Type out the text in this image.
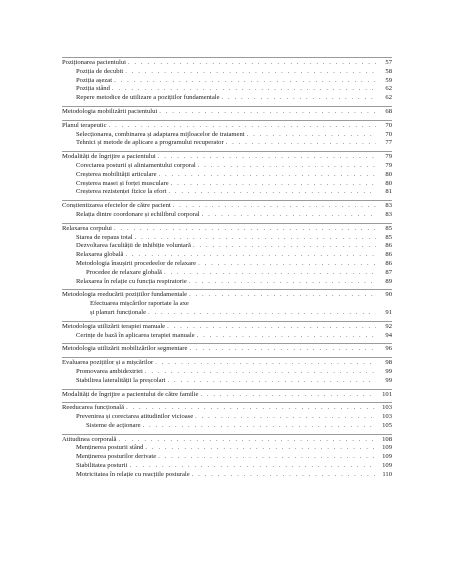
Poziționarea pacientului . . .	57
Poziția de decubit . . .	58
Poziția așezat . . .	59
Poziția stând . . .	62
Repere metodice de utilizare a pozițiilor fundamentale . . .	62
Metodologia mobilizării pacientului . . .	68
Planul terapeutic . . .	70
Selecționarea, combinarea și adaptarea mijloacelor de tratament . . .	70
Tehnici și metode de aplicare a programului recuperator . . .	77
Modalități de îngrijire a pacientului . . .	79
Corectarea posturii și aliniamentului corporal . . .	79
Creșterea mobilității articulare . . .	80
Creșterea masei și forței musculare . . .	80
Creșterea rezistenței fizice la efort . . .	81
Conștientizarea efectelor de către pacient . . .	83
Relația dintre coordonare și echilibrul corporal . . .	83
Relaxarea corpului . . .	85
Starea de repaus total . . .	85
Dezvoltarea facultății de inhibiție voluntară . . .	86
Relaxarea globală . . .	86
Metodologia însușirii procedeelor de relaxare . . .	86
Procedee de relaxare globală . . .	87
Relaxarea în relație cu funcția respiratorie . . .	89
Metodologia reeducării pozițiilor fundamentale . . .	90
Efectuarea mișcărilor raportate la axe
și planuri funcționale . . .	91
Metodologia utilizării terapiei manuale . . .	92
Cerințe de bază în aplicarea terapiei manuale . . .	94
Metodologia utilizării mobilizărilor segmentare . . .	96
Evaluarea pozițiilor și a mișcărilor . . .	98
Promovarea ambidextriei . . .	99
Stabilirea lateralității la preșcolari . . .	99
Modalități de îngrijire a pacientului de către familie . . .	101
Reeducarea funcțională . . .	103
Prevenirea și corectarea atitudinilor vicioase . . .	103
Sisteme de acționare . . .	105
Atitudinea corporală . . .	108
Menținerea posturii stând . . .	109
Menținerea posturilor derivate . . .	109
Stabilitatea posturii . . .	109
Motricitatea în relație cu reacțiile posturale . . .	110
